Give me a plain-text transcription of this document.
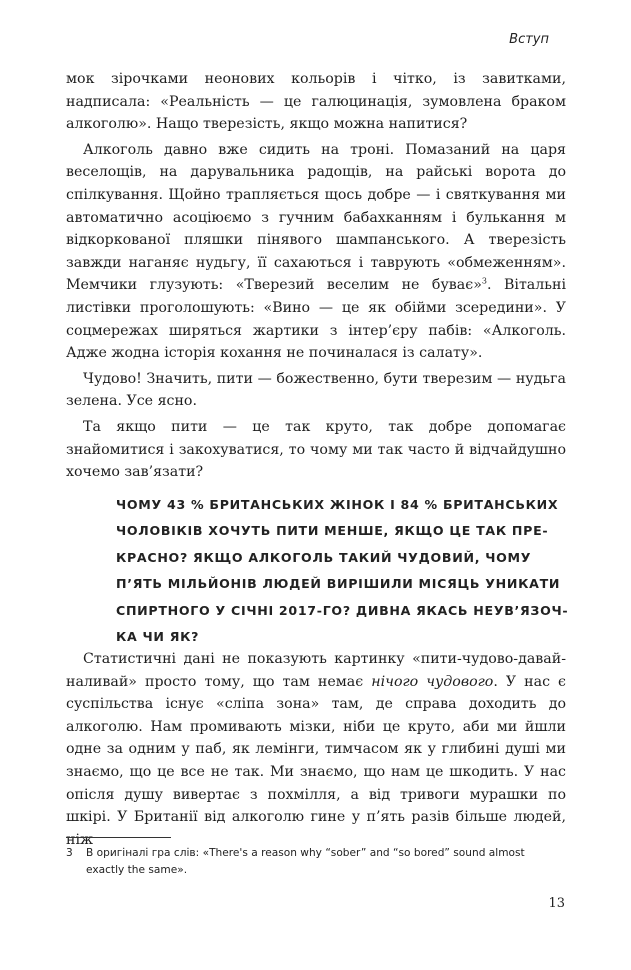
Вступ

мок зірочками неонових кольорів і чітко, із завитками, надписала: «Реальність — це галюцинація, зумовлена браком алкоголю». Нащо тверезість, якщо можна напитися?

Алкоголь давно вже сидить на троні. Помазаний на царя веселощів, на дарувальника радощів, на райські ворота до спілкування. Щойно трапляється щось добре — і святкування ми автоматично асоціюємо з гучним бабахканням і булькання м відкоркованої пляшки пінявого шампанського. А тверезість завжди наганяє нудьгу, її сахаються і таврують «обмеженням». Мемчики глузують: «Тверезий веселим не буває»$^3$. Вітальні листівки проголошують: «Вино — це як обійми зсередини». У соцмережах ширяться жартики з інтер’єру пабів: «Алкоголь. Адже жодна історія кохання не починалася із салату».

Чудово! Значить, пити — божественно, бути тверезим — нудьга зелена. Усе ясно.

Та якщо пити — це так круто, так добре допомагає знайомитися і закохуватися, то чому ми так часто й відчайдушно хочемо зав’язати?

ЧОМУ 43 % БРИТАНСЬКИХ ЖІНОК І 84 % БРИТАНСЬКИХ
ЧОЛОВІКІВ ХОЧУТЬ ПИТИ МЕНШЕ, ЯКЩО ЦЕ ТАК ПРЕ-
КРАСНО? ЯКЩО АЛКОГОЛЬ ТАКИЙ ЧУДОВИЙ, ЧОМУ
П’ЯТЬ МІЛЬЙОНІВ ЛЮДЕЙ ВИРІШИЛИ МІСЯЦЬ УНИКАТИ
СПИРТНОГО У СІЧНІ 2017-ГО? ДИВНА ЯКАСЬ НЕУВ’ЯЗОЧ-
КА ЧИ ЯК?

Статистичні дані не показують картинку «пити-чудово-давай-наливай» просто тому, що там немає нічого чудового. У нас є суспільства існує «сліпа зона» там, де справа доходить до алкоголю. Нам промивають мізки, ніби це круто, аби ми йшли одне за одним у паб, як лемінги, тимчасом як у глибині душі ми знаємо, що це все не так. Ми знаємо, що нам це шкодить. У нас опісля душу вивертає з похмілля, а від тривоги мурашки по шкірі. У Британії від алкоголю гине у п’ять разів більше людей, ніж

3 В оригіналі гра слів: «There's a reason why “sober” and “so bored” sound almost exactly the same».
13
